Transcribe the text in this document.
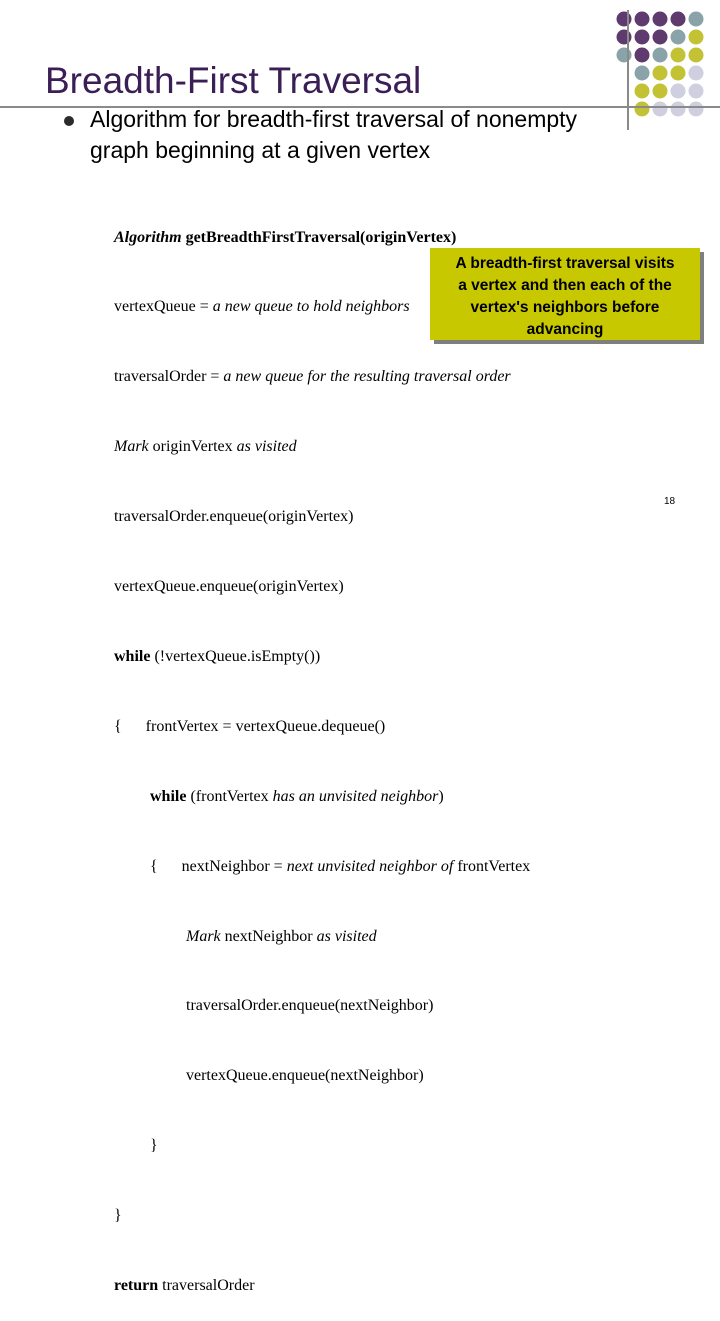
Breadth-First Traversal
Algorithm for breadth-first traversal of nonempty
graph beginning at a given vertex

Algorithm getBreadthFirstTraversal(originVertex)

vertexQueue = a new queue to hold neighbors

traversalOrder = a new queue for the resulting traversal order

Mark originVertex as visited

traversalOrder.enqueue(originVertex)

vertexQueue.enqueue(originVertex)

while (!vertexQueue.isEmpty())

{      frontVertex = vertexQueue.dequeue()

while (frontVertex has an unvisited neighbor)

{      nextNeighbor = next unvisited neighbor of frontVertex

Mark nextNeighbor as visited

traversalOrder.enqueue(nextNeighbor)

vertexQueue.enqueue(nextNeighbor)

}

}

return traversalOrder

A breadth-first traversal visits
a vertex and then each of the
vertex's neighbors before
advancing
18
